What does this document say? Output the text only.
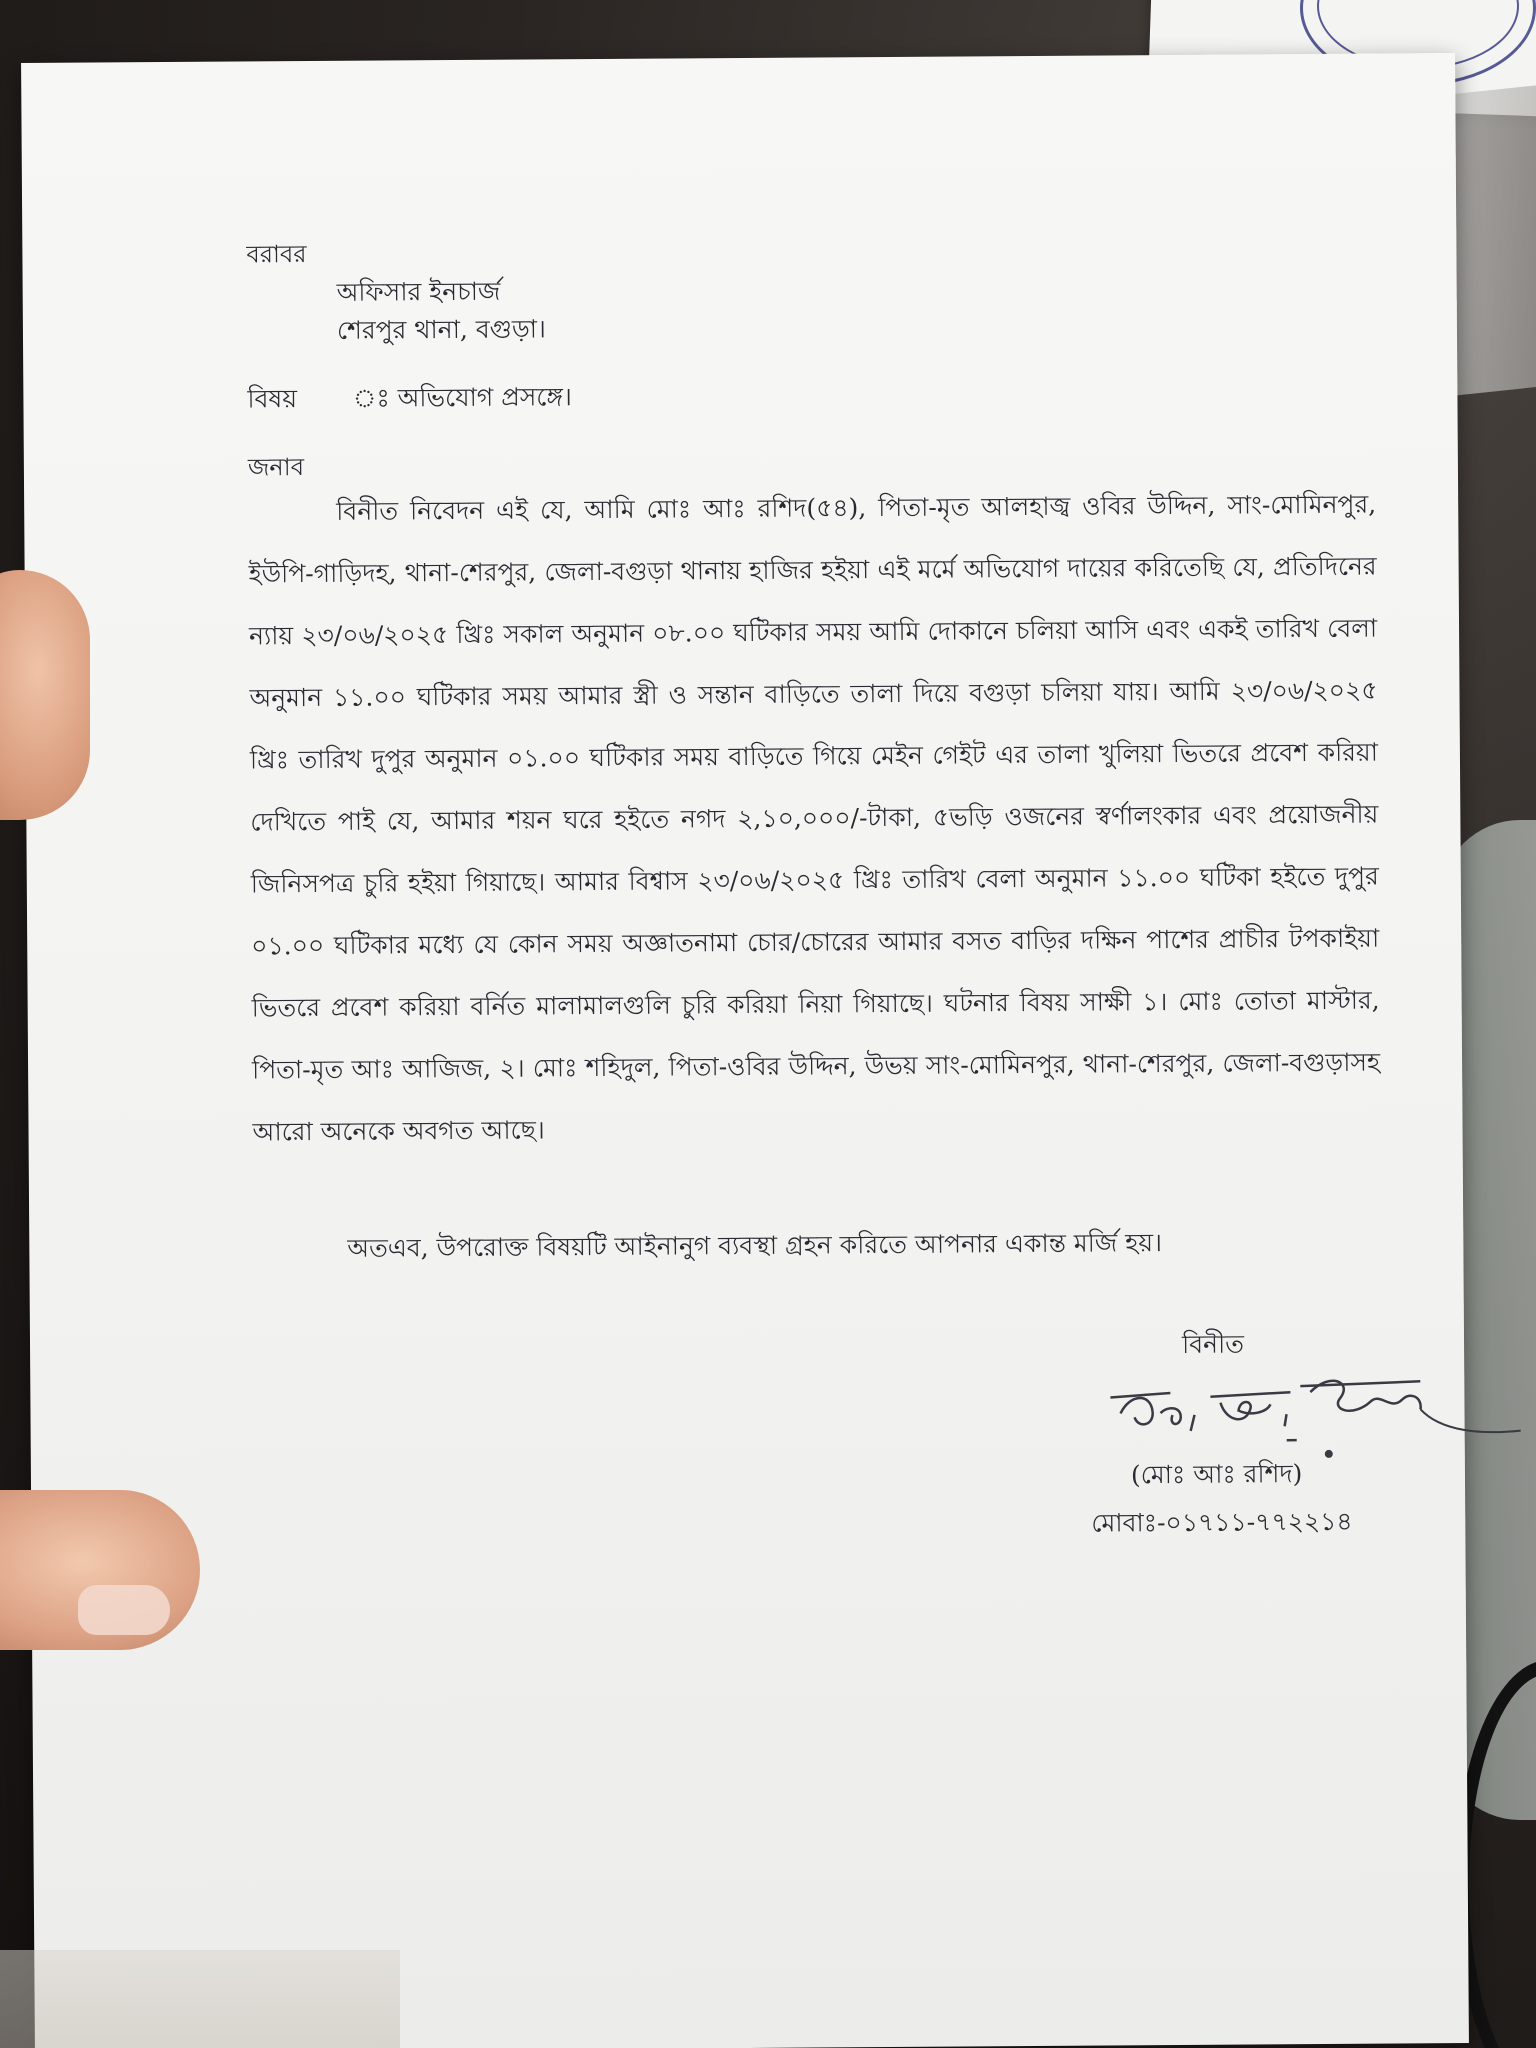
বরাবর
অফিসার ইনচার্জ
শেরপুর থানা, বগুড়া।
বিষয় ঃ অভিযোগ প্রসঙ্গে।
জনাব

বিনীত নিবেদন এই যে, আমি মোঃ আঃ রশিদ(৫৪), পিতা-মৃত আলহাজ্ব ওবির উদ্দিন, সাং-মোমিনপুর, ইউপি-গাড়িদহ, থানা-শেরপুর, জেলা-বগুড়া থানায় হাজির হইয়া এই মর্মে অভিযোগ দায়ের করিতেছি যে, প্রতিদিনের ন্যায় ২৩/০৬/২০২৫ খ্রিঃ সকাল অনুমান ০৮.০০ ঘটিকার সময় আমি দোকানে চলিয়া আসি এবং একই তারিখ বেলা অনুমান ১১.০০ ঘটিকার সময় আমার স্ত্রী ও সন্তান বাড়িতে তালা দিয়ে বগুড়া চলিয়া যায়। আমি ২৩/০৬/২০২৫ খ্রিঃ তারিখ দুপুর অনুমান ০১.০০ ঘটিকার সময় বাড়িতে গিয়ে মেইন গেইট এর তালা খুলিয়া ভিতরে প্রবেশ করিয়া দেখিতে পাই যে, আমার শয়ন ঘরে হইতে নগদ ২,১০,০০০/-টাকা, ৫ভড়ি ওজনের স্বর্ণালংকার এবং প্রয়োজনীয় জিনিসপত্র চুরি হইয়া গিয়াছে। আমার বিশ্বাস ২৩/০৬/২০২৫ খ্রিঃ তারিখ বেলা অনুমান ১১.০০ ঘটিকা হইতে দুপুর ০১.০০ ঘটিকার মধ্যে যে কোন সময় অজ্ঞাতনামা চোর/চোরের আমার বসত বাড়ির দক্ষিন পাশের প্রাচীর টপকাইয়া ভিতরে প্রবেশ করিয়া বর্নিত মালামালগুলি চুরি করিয়া নিয়া গিয়াছে। ঘটনার বিষয় সাক্ষী ১। মোঃ তোতা মাস্টার, পিতা-মৃত আঃ আজিজ, ২। মোঃ শহিদুল, পিতা-ওবির উদ্দিন, উভয় সাং-মোমিনপুর, থানা-শেরপুর, জেলা-বগুড়াসহ আরো অনেকে অবগত আছে।

অতএব, উপরোক্ত বিষয়টি আইনানুগ ব্যবস্থা গ্রহন করিতে আপনার একান্ত মর্জি হয়।

বিনীত
(মোঃ আঃ রশিদ)
মোবাঃ-০১৭১১-৭৭২২১৪
